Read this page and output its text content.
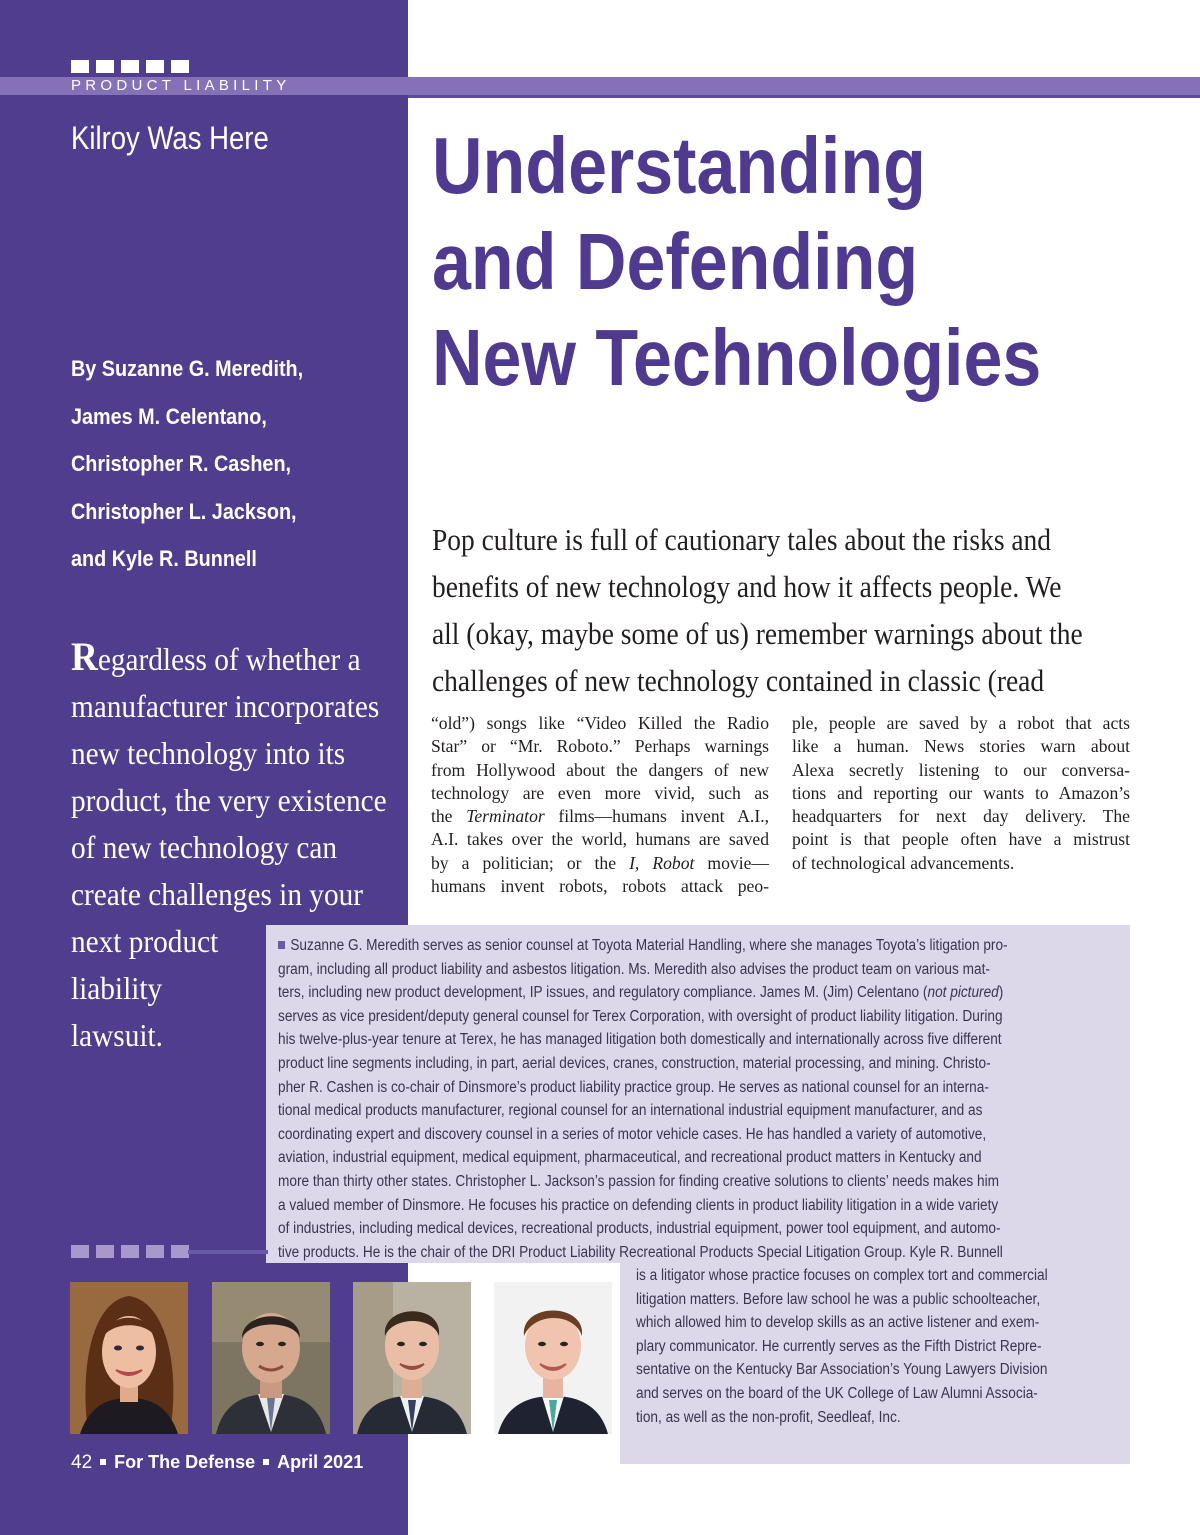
PRODUCT LIABILITY
Kilroy Was Here
By Suzanne G. Meredith,
James M. Celentano,
Christopher R. Cashen,
Christopher L. Jackson,
and Kyle R. Bunnell
Regardless of whether a
manufacturer incorporates
new technology into its
product, the very existence
of new technology can
create challenges in your
next product
liability
lawsuit.
Understanding
and Defending
New Technologies
Pop culture is full of cautionary tales about the risks and
benefits of new technology and how it affects people. We
all (okay, maybe some of us) remember warnings about the
challenges of new technology contained in classic (read
“old”) songs like “Video Killed the Radio
Star” or “Mr. Roboto.” Perhaps warnings
from Hollywood about the dangers of new
technology are even more vivid, such as
the Terminator films—humans invent A.I.,
A.I. takes over the world, humans are saved
by a politician; or the I, Robot movie—
humans invent robots, robots attack peo-
ple, people are saved by a robot that acts
like a human. News stories warn about
Alexa secretly listening to our conversa-
tions and reporting our wants to Amazon’s
headquarters for next day delivery. The
point is that people often have a mistrust
of technological advancements.
Suzanne G. Meredith serves as senior counsel at Toyota Material Handling, where she manages Toyota’s litigation pro-
gram, including all product liability and asbestos litigation. Ms. Meredith also advises the product team on various mat-
ters, including new product development, IP issues, and regulatory compliance. James M. (Jim) Celentano (not pictured)
serves as vice president/deputy general counsel for Terex Corporation, with oversight of product liability litigation. During
his twelve-plus-year tenure at Terex, he has managed litigation both domestically and internationally across five different
product line segments including, in part, aerial devices, cranes, construction, material processing, and mining. Christo-
pher R. Cashen is co-chair of Dinsmore’s product liability practice group. He serves as national counsel for an interna-
tional medical products manufacturer, regional counsel for an international industrial equipment manufacturer, and as
coordinating expert and discovery counsel in a series of motor vehicle cases. He has handled a variety of automotive,
aviation, industrial equipment, medical equipment, pharmaceutical, and recreational product matters in Kentucky and
more than thirty other states. Christopher L. Jackson’s passion for finding creative solutions to clients’ needs makes him
a valued member of Dinsmore. He focuses his practice on defending clients in product liability litigation in a wide variety
of industries, including medical devices, recreational products, industrial equipment, power tool equipment, and automo-
tive products. He is the chair of the DRI Product Liability Recreational Products Special Litigation Group. Kyle R. Bunnell
is a litigator whose practice focuses on complex tort and commercial
litigation matters. Before law school he was a public schoolteacher,
which allowed him to develop skills as an active listener and exem-
plary communicator. He currently serves as the Fifth District Repre-
sentative on the Kentucky Bar Association’s Young Lawyers Division
and serves on the board of the UK College of Law Alumni Associa-
tion, as well as the non-profit, Seedleaf, Inc.
42 For The Defense April 2021
